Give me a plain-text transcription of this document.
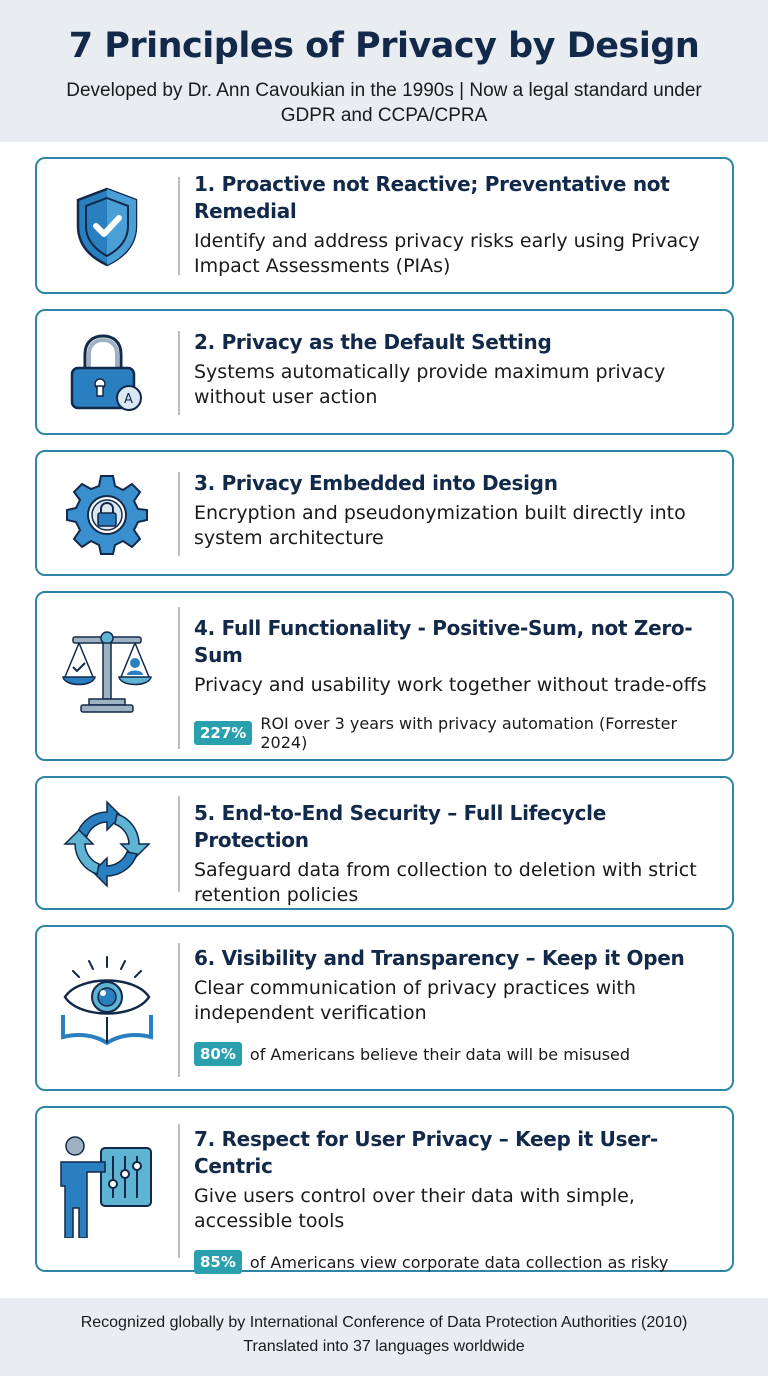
7 Principles of Privacy by Design
Developed by Dr. Ann Cavoukian in the 1990s | Now a legal standard under GDPR and CCPA/CPRA
1. Proactive not Reactive; Preventative not Remedial
Identify and address privacy risks early using Privacy Impact Assessments (PIAs)
A
2. Privacy as the Default Setting
Systems automatically provide maximum privacy without user action
3. Privacy Embedded into Design
Encryption and pseudonymization built directly into system architecture
4. Full Functionality - Positive-Sum, not Zero-Sum
Privacy and usability work together without trade-offs
227% ROI over 3 years with privacy automation (Forrester 2024)
5. End-to-End Security – Full Lifecycle Protection
Safeguard data from collection to deletion with strict retention policies
6. Visibility and Transparency – Keep it Open
Clear communication of privacy practices with independent verification
80% of Americans believe their data will be misused
7. Respect for User Privacy – Keep it User-Centric
Give users control over their data with simple, accessible tools
85% of Americans view corporate data collection as risky
Recognized globally by International Conference of Data Protection Authorities (2010)
Translated into 37 languages worldwide
